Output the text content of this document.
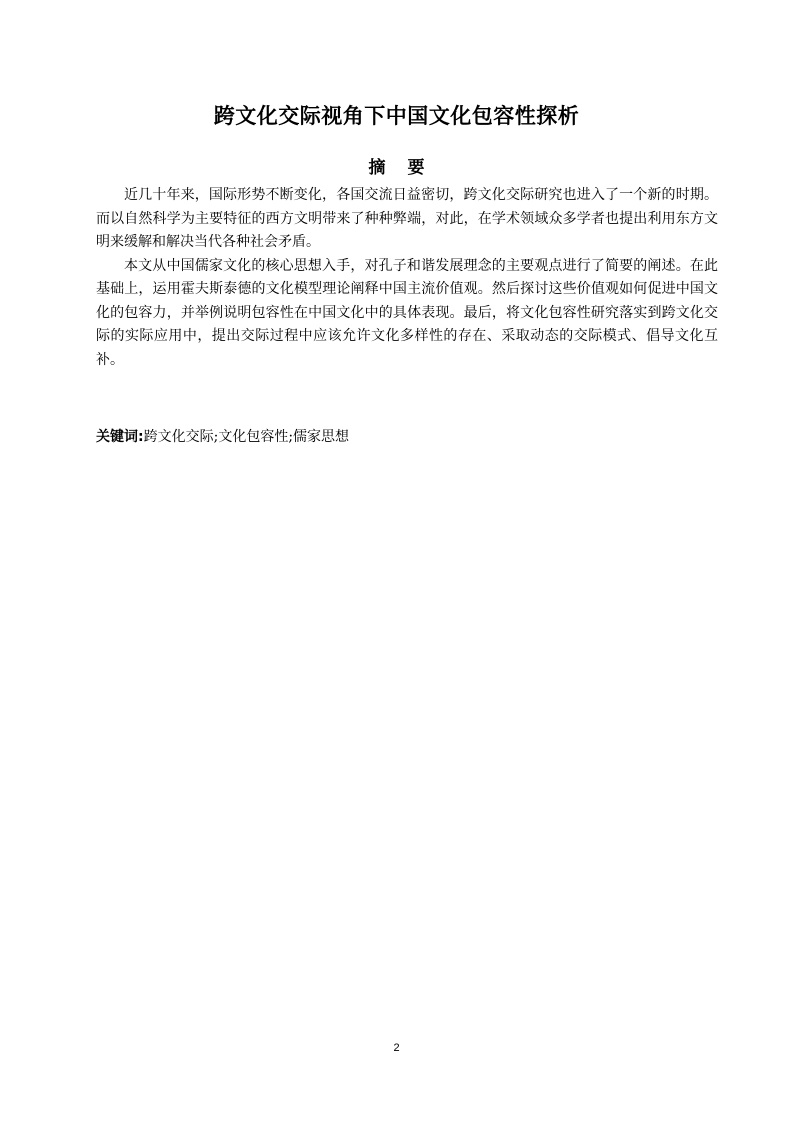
跨文化交际视角下中国文化包容性探析
摘 要

近几十年来，国际形势不断变化，各国交流日益密切，跨文化交际研究也进入了一个新的时期。而以自然科学为主要特征的西方文明带来了种种弊端，对此，在学术领域众多学者也提出利用东方文明来缓解和解决当代各种社会矛盾。

本文从中国儒家文化的核心思想入手，对孔子和谐发展理念的主要观点进行了简要的阐述。在此基础上，运用霍夫斯泰德的文化模型理论阐释中国主流价值观。然后探讨这些价值观如何促进中国文化的包容力，并举例说明包容性在中国文化中的具体表现。最后，将文化包容性研究落实到跨文化交际的实际应用中，提出交际过程中应该允许文化多样性的存在、采取动态的交际模式、倡导文化互补。

关键词:跨文化交际;文化包容性;儒家思想
2
